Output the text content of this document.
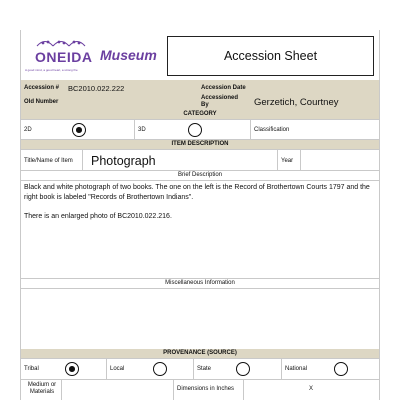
ONEIDA
A good mind, a good heart, a strong fire
Museum	Accession Sheet
Accession # BC2010.022.222	Accession Date
Old Number
Accessioned By	Gerzetich, Courtney
CATEGORY
2D	3D	Classification
ITEM DESCRIPTION
Title/Name of Item Photograph	Year
Brief Description

Black and white photograph of two books. The one on the left is the Record of Brothertown Courts 1797 and the right book is labeled "Records of Brothertown Indians".

There is an enlarged photo of BC2010.022.216.

Miscellaneous Information
PROVENANCE (SOURCE)
Tribal	Local	State	National
Medium or Materials	Dimensions in Inches	X
